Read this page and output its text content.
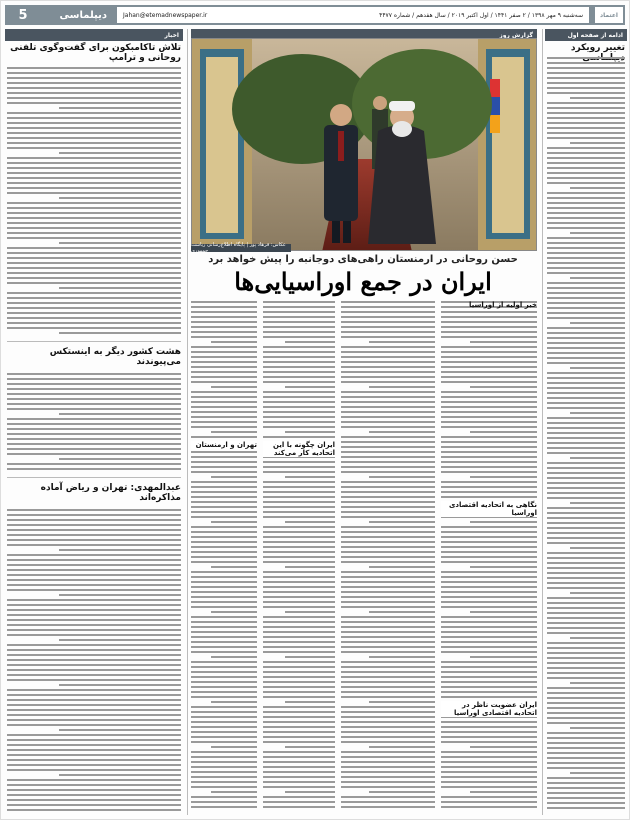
5	دیپلماسی	Jahan@etemadnewspaper.ir	سه‌شنبه ۹ مهر ۱۳۹۸ / ۲ صفر ۱۴۴۱ / اول اکتبر ۲۰۱۹ / سال هفدهم / شماره ۴۴۷۷	اعتماد
ادامه از صفحه اول
تغییر رویکرد
گزارش روز
عکاس: فرهاد پور | پایگاه اطلاع‌رسانی ریاست جمهوری
حسن روحانی در ارمنستان راهی‌های دوجانبه را پیش خواهد برد
ایران در جمع اوراسیایی‌ها
خبر اولیه از اوراسیا
نگاهی به اتحادیه اقتصادی اوراسیا
ایران عضویت ناظر در اتحادیه اقتصادی اوراسیا
ایران چگونه با این اتحادیه کار می‌کند
تهران و ارمنستان
اخبار
تلاش تاکامبکون برای گفت‌وگوی تلفنی روحانی و ترامپ
هشت کشور دیگر به اینستکس می‌پیوندند
عبدالمهدی: تهران و ریاض آماده مذاکره‌اند
